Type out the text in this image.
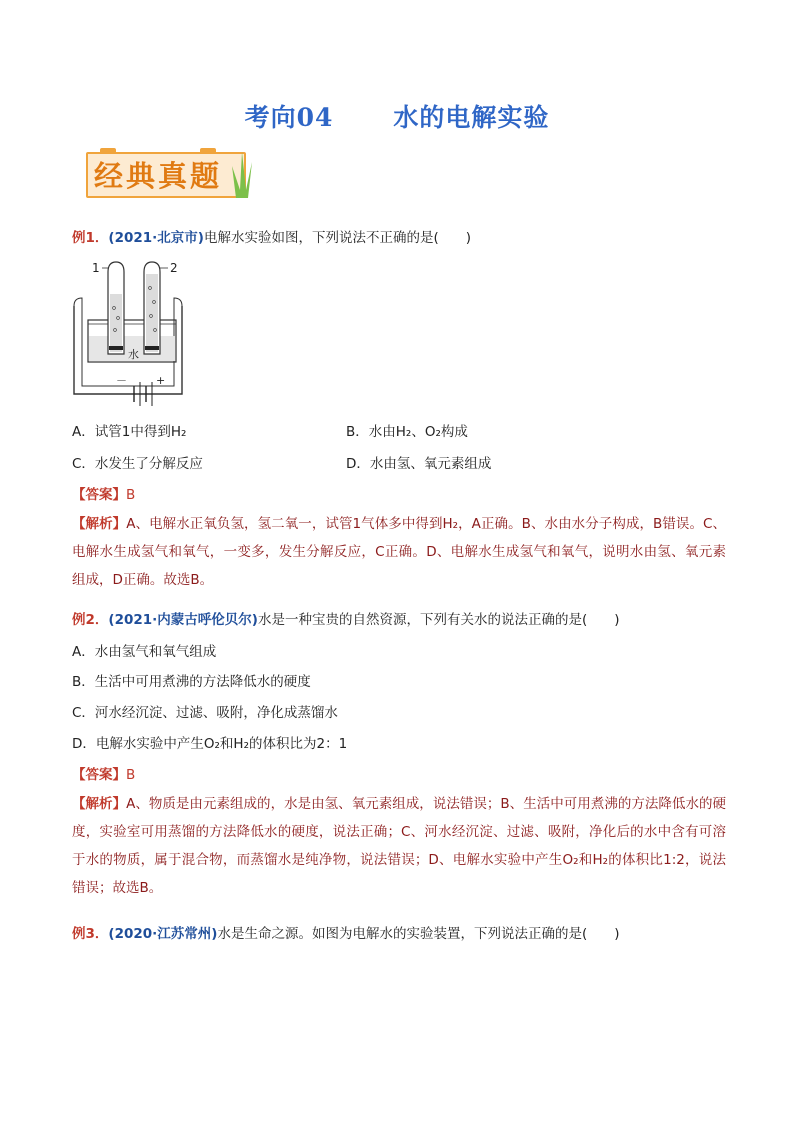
考向04 水的电解实验
经典真题
例1．(2021·北京市)电解水实验如图，下列说法不正确的是(　　)
1	2
水
－	+
A．试管1中得到H₂	B．水由H₂、O₂构成
C．水发生了分解反应	D．水由氢、氧元素组成
【答案】B
【解析】A、电解水正氧负氢，氢二氧一，试管1气体多中得到H₂，A正确。B、水由水分子构成，B错误。C、电解水生成氢气和氧气，一变多，发生分解反应，C正确。D、电解水生成氢气和氧气，说明水由氢、氧元素组成，D正确。故选B。
例2．(2021·内蒙古呼伦贝尔)水是一种宝贵的自然资源，下列有关水的说法正确的是(　　)
A．水由氢气和氧气组成
B．生活中可用煮沸的方法降低水的硬度
C．河水经沉淀、过滤、吸附，净化成蒸馏水
D．电解水实验中产生O₂和H₂的体积比为2：1
【答案】B
【解析】A、物质是由元素组成的，水是由氢、氧元素组成，说法错误；B、生活中可用煮沸的方法降低水的硬度，实验室可用蒸馏的方法降低水的硬度，说法正确；C、河水经沉淀、过滤、吸附，净化后的水中含有可溶于水的物质，属于混合物，而蒸馏水是纯净物，说法错误；D、电解水实验中产生O₂和H₂的体积比1:2，说法错误；故选B。
例3．(2020·江苏常州)水是生命之源。如图为电解水的实验装置，下列说法正确的是(　　)
